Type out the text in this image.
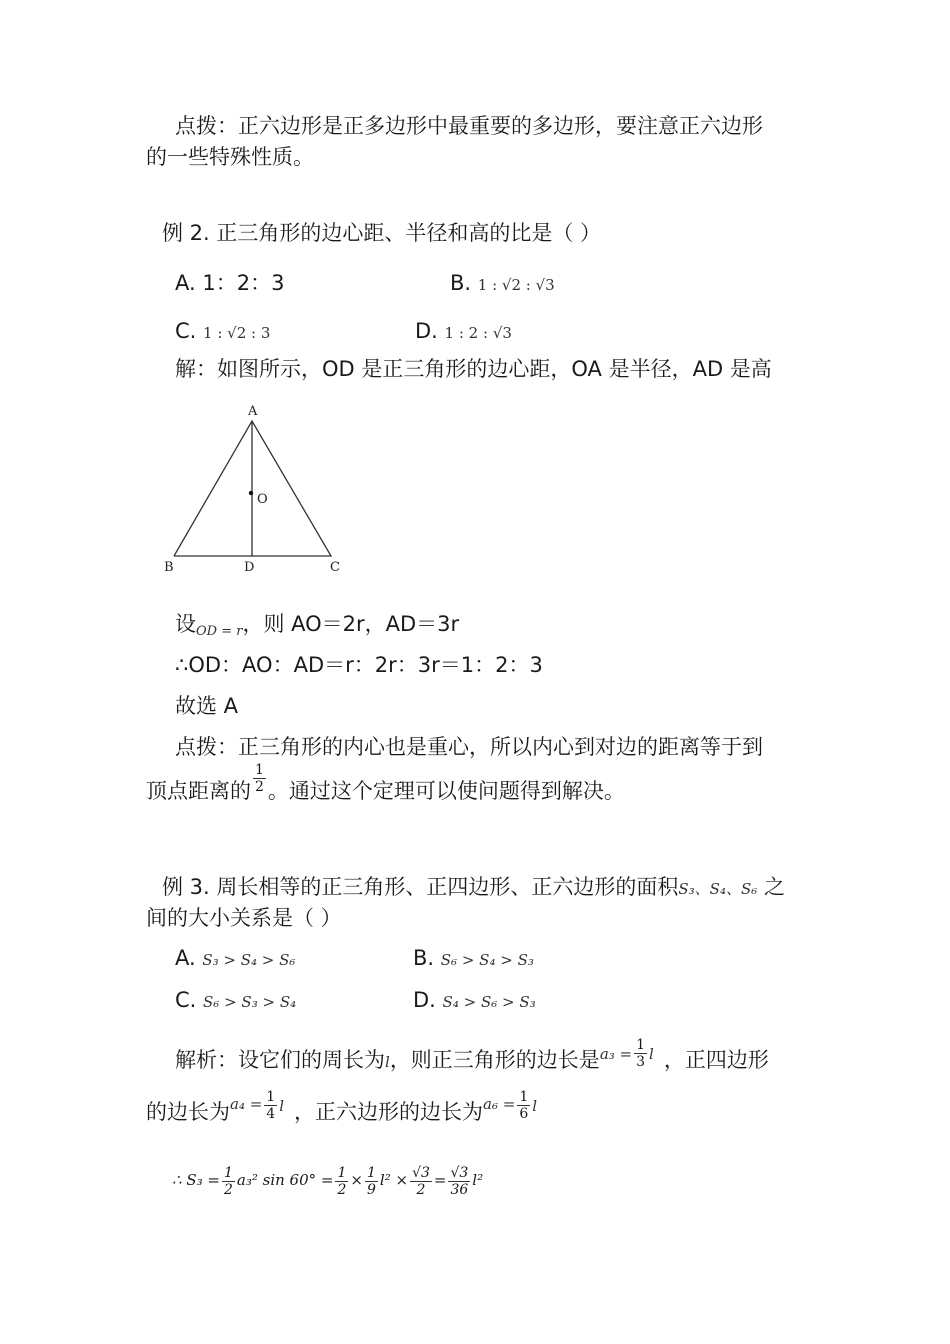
点拨：正六边形是正多边形中最重要的多边形，要注意正六边形
的一些特殊性质。
例 2. 正三角形的边心距、半径和高的比是（ ）
A. 1：2：3	B. 1 : √2 : √3
C. 1 : √2 : 3	D. 1 : 2 : √3
解：如图所示，OD 是正三角形的边心距，OA 是半径，AD 是高
A
O
B	D	C
设OD = r，则 AO＝2r，AD＝3r
∴OD：AO：AD＝r：2r：3r＝1：2：3
故选 A
点拨：正三角形的内心也是重心，所以内心到对边的距离等于到
顶点距离的 $\frac{1}{2}$ 。通过这个定理可以使问题得到解决。
例 3. 周长相等的正三角形、正四边形、正六边形的面积S₃、S₄、S₆ 之
间的大小关系是（ ）
A. S₃ > S₄ > S₆	B. S₆ > S₄ > S₃
C. S₆ > S₃ > S₄	D. S₄ > S₆ > S₃
解析：设它们的周长为l，则正三角形的边长是$^{a_3 =} \frac{1}{3} ^l$ ，正四边形
的边长为$^{a_4 =} \frac{1}{4} ^l$ ，正六边形的边长为$^{a_6 =} \frac{1}{6} ^l$
∴ $S_3 = \frac{1}{2} a_3^2$ $\sin 60^\circ = \frac{1}{2} \times \frac{1}{9} l^2 \times \frac{√3}{2} = \frac{√3}{36} l^2$
